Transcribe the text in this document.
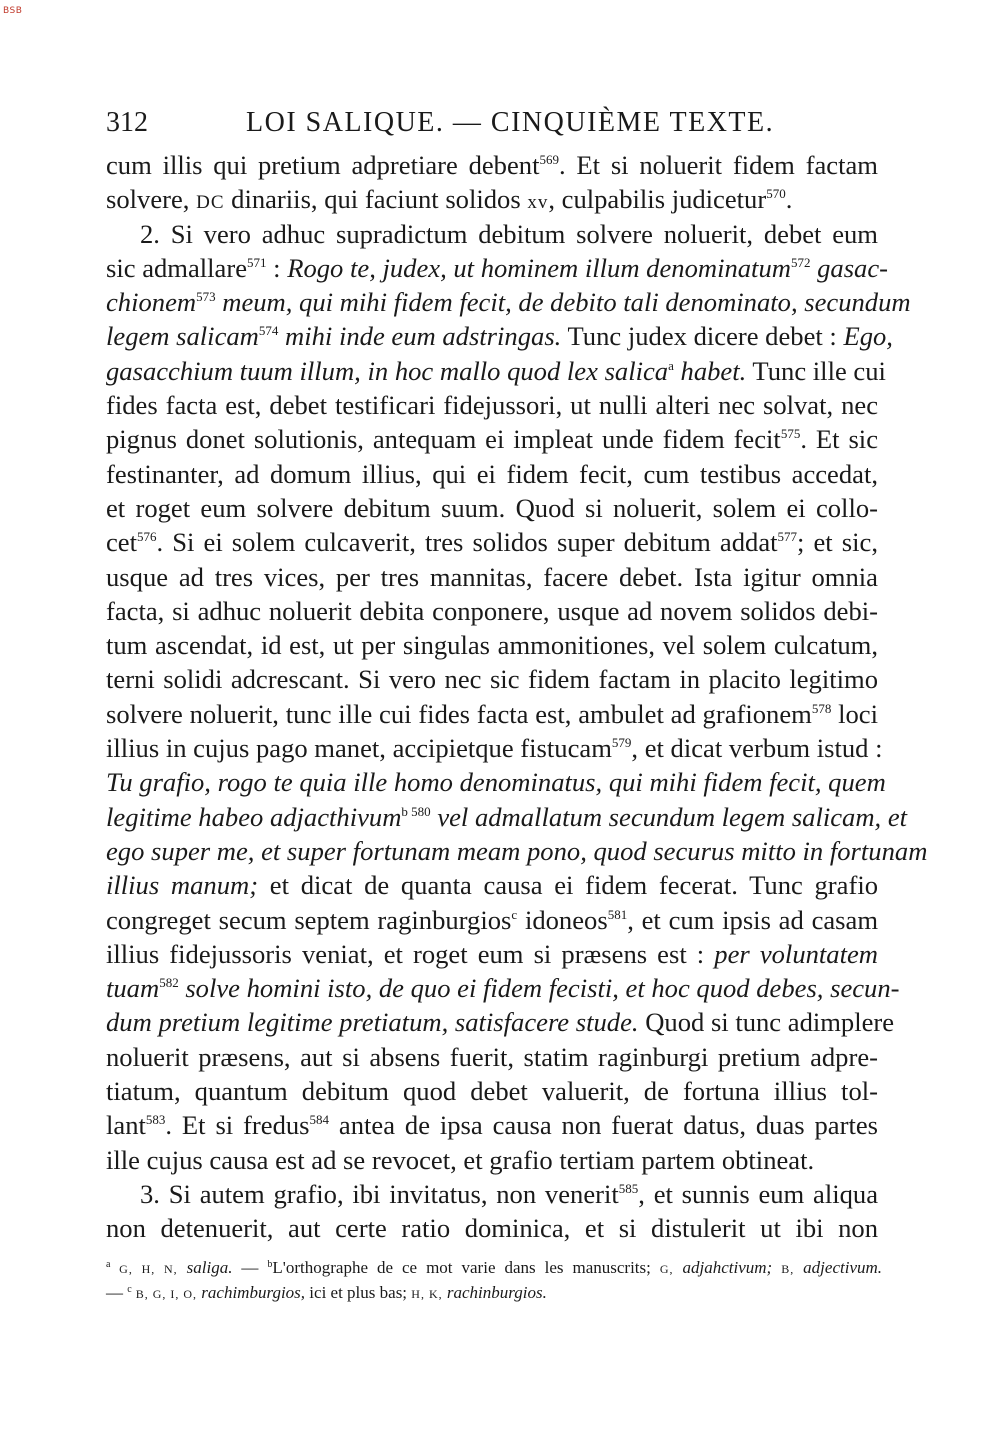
BSB
312	LOI SALIQUE. — CINQUIÈME TEXTE.
cum illis qui pretium adpretiare debent$^{569}$. Et si noluerit fidem factam
solvere, DC dinariis, qui faciunt solidos xv, culpabilis judicetur$^{570}$.
2. Si vero adhuc supradictum debitum solvere noluerit, debet eum
sic admallare$^{571}$ : Rogo te, judex, ut hominem illum denominatum$^{572}$ gasac-
chionem$^{573}$ meum, qui mihi fidem fecit, de debito tali denominato, secundum
legem salicam$^{574}$ mihi inde eum adstringas. Tunc judex dicere debet : Ego,
gasacchium tuum illum, in hoc mallo quod lex salica$^a$ habet. Tunc ille cui
fides facta est, debet testificari fidejussori, ut nulli alteri nec solvat, nec
pignus donet solutionis, antequam ei impleat unde fidem fecit$^{575}$. Et sic
festinanter, ad domum illius, qui ei fidem fecit, cum testibus accedat,
et roget eum solvere debitum suum. Quod si noluerit, solem ei collo-
cet$^{576}$. Si ei solem culcaverit, tres solidos super debitum addat$^{577}$; et sic,
usque ad tres vices, per tres mannitas, facere debet. Ista igitur omnia
facta, si adhuc noluerit debita conponere, usque ad novem solidos debi-
tum ascendat, id est, ut per singulas ammonitiones, vel solem culcatum,
terni solidi adcrescant. Si vero nec sic fidem factam in placito legitimo
solvere noluerit, tunc ille cui fides facta est, ambulet ad grafionem$^{578}$ loci
illius in cujus pago manet, accipietque fistucam$^{579}$, et dicat verbum istud :
Tu grafio, rogo te quia ille homo denominatus, qui mihi fidem fecit, quem
legitime habeo adjacthivum$^{b 580}$ vel admallatum secundum legem salicam, et
ego super me, et super fortunam meam pono, quod securus mitto in fortunam
illius manum; et dicat de quanta causa ei fidem fecerat. Tunc grafio
congreget secum septem raginburgios$^c$ idoneos$^{581}$, et cum ipsis ad casam
illius fidejussoris veniat, et roget eum si præsens est : per voluntatem
tuam$^{582}$ solve homini isto, de quo ei fidem fecisti, et hoc quod debes, secun-
dum pretium legitime pretiatum, satisfacere stude. Quod si tunc adimplere
noluerit præsens, aut si absens fuerit, statim raginburgi pretium adpre-
tiatum, quantum debitum quod debet valuerit, de fortuna illius tol-
lant$^{583}$. Et si fredus$^{584}$ antea de ipsa causa non fuerat datus, duas partes
ille cujus causa est ad se revocet, et grafio tertiam partem obtineat.
3. Si autem grafio, ibi invitatus, non venerit$^{585}$, et sunnis eum aliqua
non detenuerit, aut certe ratio dominica, et si distulerit ut ibi non
$^a$ G, H, N, saliga. — $^b$L'orthographe de ce mot varie dans les manuscrits; G, adjahctivum; B, adjectivum.
— $^c$ B, G, I, O, rachimburgios, ici et plus bas; H, K, rachinburgios.
